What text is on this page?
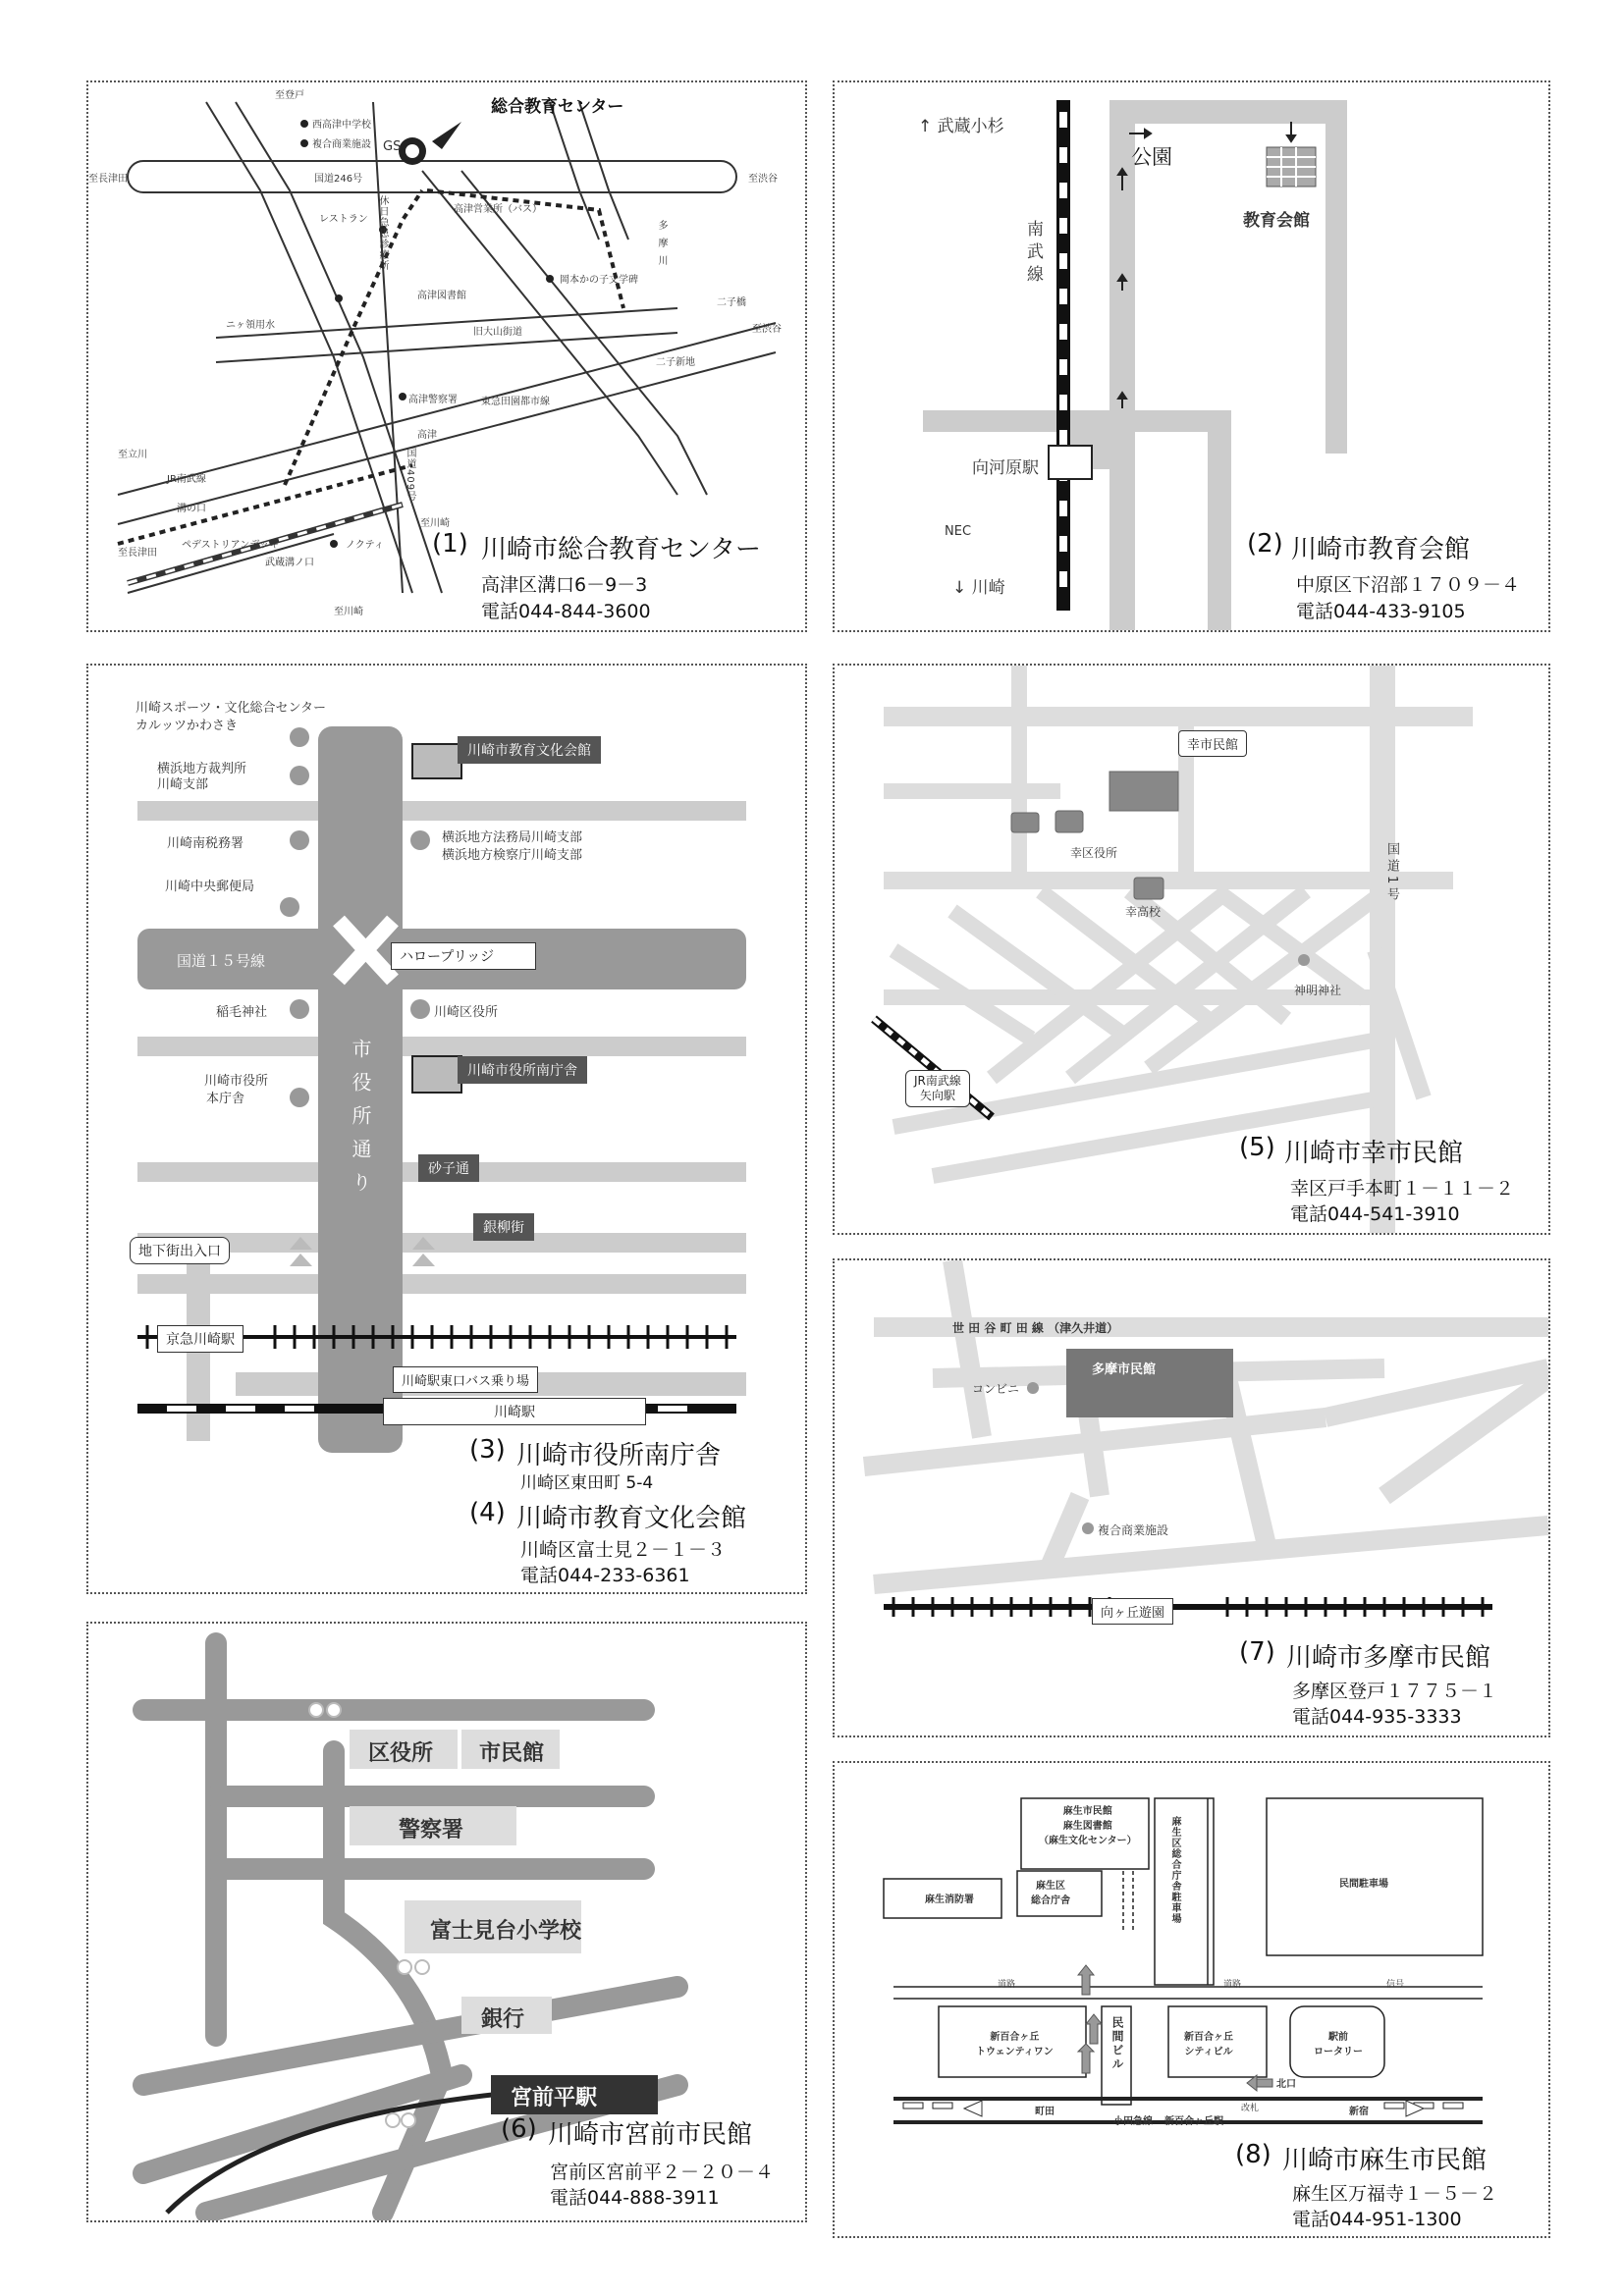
総合教育センター
至登戸
西高津中学校
複合商業施設 GS
国道246号
至長津田	至渋谷
レストラン 休日急患診療所	高津営業所（バス）
岡本かの子文学碑
多摩川
二子橋
高津図書館
旧大山街道
ニヶ領用水	至渋谷
二子新地
高津警察署 東急田園都市線
高津
国道409号
至立川
JR南武線
溝の口
至長津田
ペデストリアンデッキ	ノクティ
武蔵溝ノ口
至川崎
至川崎
(1) 川崎市総合教育センター
高津区溝口6－9－3
電話044-844-3600
↑ 武蔵小杉
南武線
公園
教育会館
向河原駅
NEC
↓ 川崎
(2) 川崎市教育会館
中原区下沼部１７０９－４
電話044-433-9105
川崎スポーツ・文化総合センター
カルッツかわさき
横浜地方裁判所
川崎支部
川崎南税務署
川崎中央郵便局
横浜地方法務局川崎支部
横浜地方検察庁川崎支部
川崎市教育文化会館
国道１５号線	ハロープリッジ
稲毛神社	川崎区役所
川崎市役所
本庁舎
川崎市役所南庁舎
市役所通り	砂子通
銀柳街
地下街出入口
京急川崎駅
川崎駅東口バス乗り場
川崎駅
(3) 川崎市役所南庁舎
川崎区東田町 5-4
(4) 川崎市教育文化会館
川崎区富士見２－１－３
電話044-233-6361
幸市民館
幸区役所
幸高校
国道1号
神明神社
JR南武線
矢向駅
(5) 川崎市幸市民館
幸区戸手本町１－１１－２
電話044-541-3910
区役所 市民館
警察署
富士見台小学校
銀行
宮前平駅
(6) 川崎市宮前市民館
宮前区宮前平２－２０－４
電話044-888-3911
世 田 谷 町 田 線 （津久井道）
多摩市民館
コンビニ
複合商業施設
向ヶ丘遊園
(7) 川崎市多摩市民館
多摩区登戸１７７５－１
電話044-935-3333
麻生市民館
麻生図書館
（麻生文化センター）
麻生区
総合庁舎	麻生区総合庁舎駐車場	民間駐車場
麻生消防署
新百合ヶ丘
トウェンティワン	民間ビル	新百合ヶ丘
シティビル
駅前
ロータリー
北口
町田
小田急線 新百合ヶ丘駅
新宿
改札
道路	道路	信号
(8) 川崎市麻生市民館
麻生区万福寺１－５－２
電話044-951-1300
